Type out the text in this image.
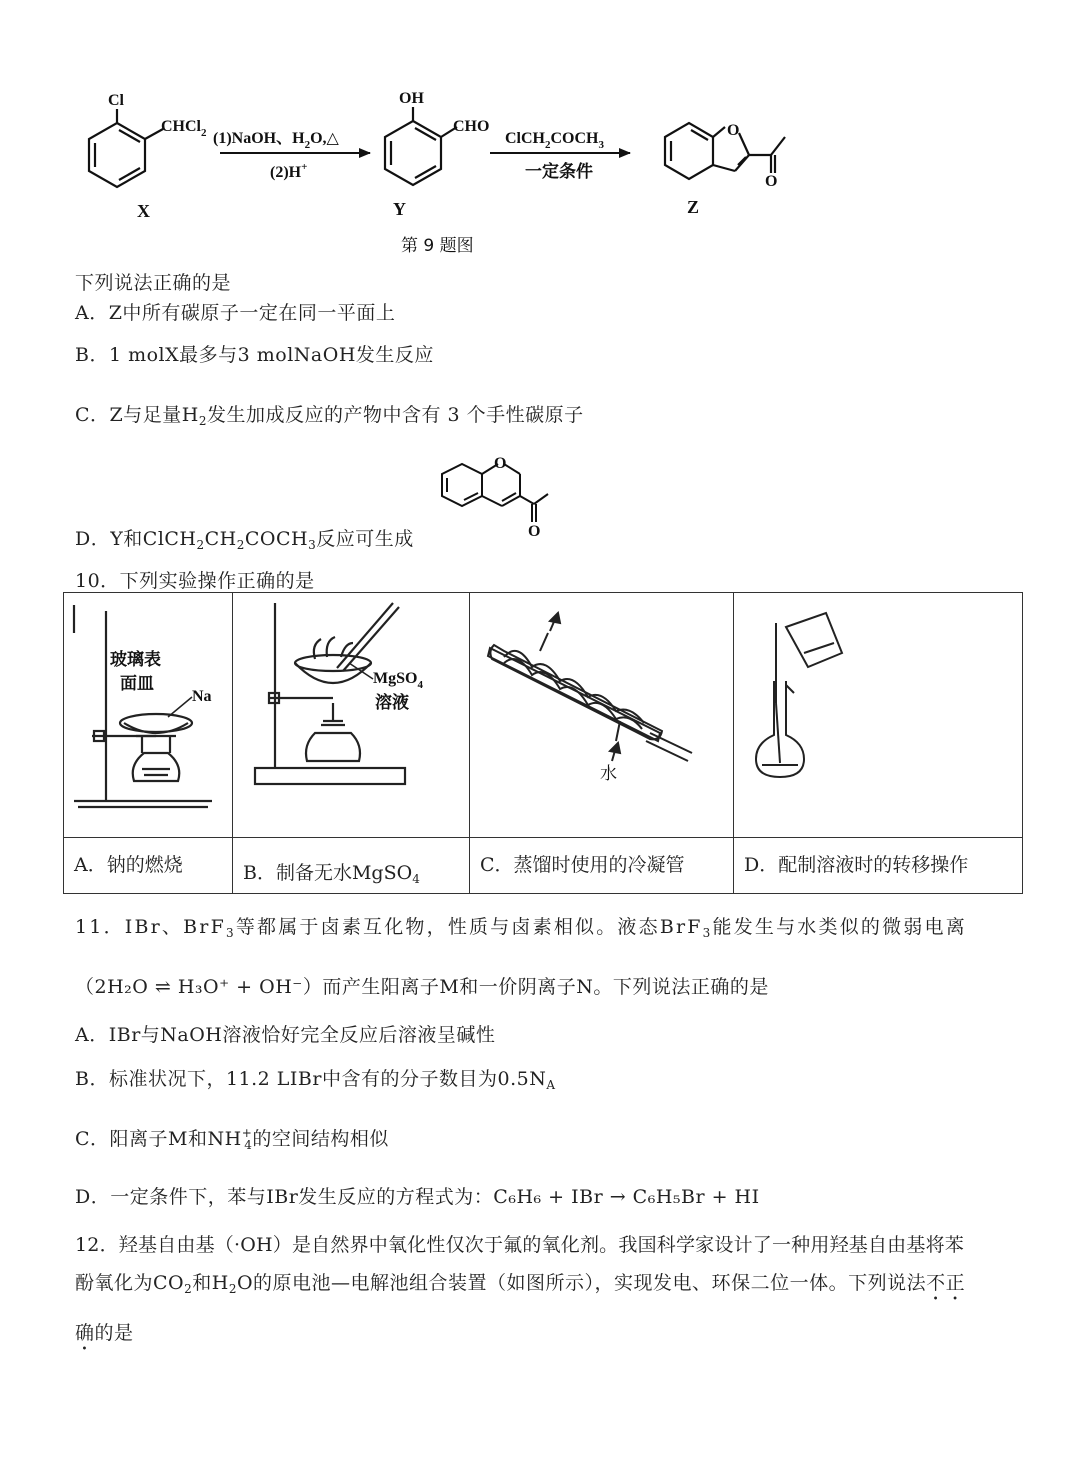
Cl
CHCl$_2$
X
(1)NaOH、$H_2O,\triangle$
(2)H+
OH
CHO
Y
$ClCH_2COCH_3$
一定条件
O
O
Z
第 9 题图
下列说法正确的是
A．Z中所有碳原子一定在同一平面上
B．1 molX最多与3 molNaOH发生反应
C．Z与足量$H_2$发生加成反应的产物中含有 3 个手性碳原子
O
O
D．Y和$ClCH_2CH_2COCH_3$反应可生成
10．下列实验操作正确的是
玻璃表
面皿
Na	MgSO$_4$
溶液	水

A．钠的燃烧	B．制备无水MgSO$_4$	C．蒸馏时使用的冷凝管	D．配制溶液时的转移操作
11．IBr、BrF$_3$等都属于卤素互化物，性质与卤素相似。液态BrF$_3$能发生与水类似的微弱电离
（2H₂O ⇌ H₃O⁺ + OH⁻）而产生阳离子M和一价阴离子N。下列说法正确的是
A．IBr与NaOH溶液恰好完全反应后溶液呈碱性
B．标准状况下，11.2 LIBr中含有的分子数目为$0.5N_A$
C．阳离子M和$NH^+_4$的空间结构相似
D．一定条件下，苯与IBr发生反应的方程式为：C₆H₆ + IBr → C₆H₅Br + HI
12．羟基自由基（·OH）是自然界中氧化性仅次于氟的氧化剂。我国科学家设计了一种用羟基自由基将苯
酚氧化为$CO_2$和$H_2O$的原电池—电解池组合装置（如图所示），实现发电、环保二位一体。下列说法不正
确的是
